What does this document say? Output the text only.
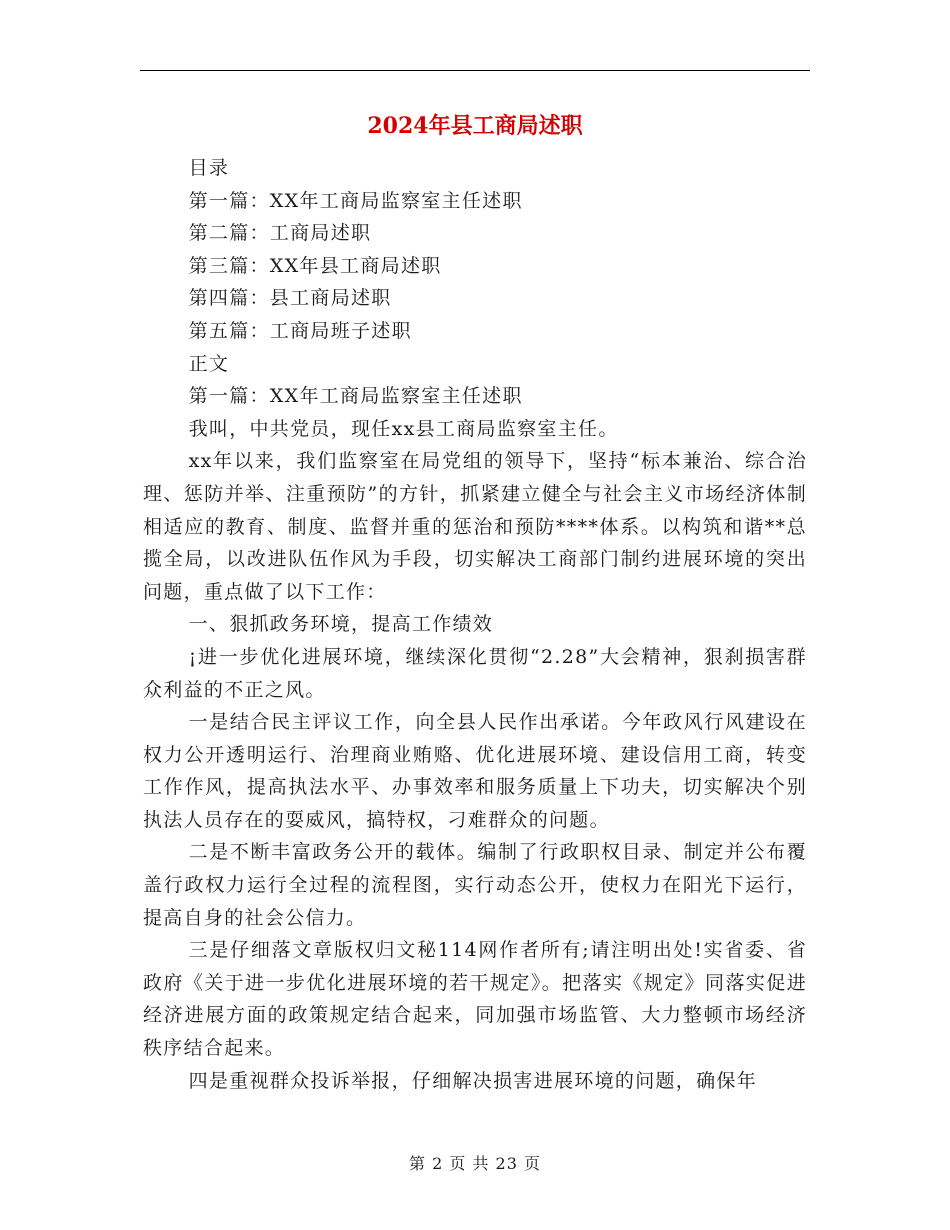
2024年县工商局述职

目录

第一篇：XX年工商局监察室主任述职

第二篇：工商局述职

第三篇：XX年县工商局述职

第四篇：县工商局述职

第五篇：工商局班子述职

正文

第一篇：XX年工商局监察室主任述职

我叫，中共党员，现任xx县工商局监察室主任。

xx年以来，我们监察室在局党组的领导下，坚持“标本兼治、综合治理、惩防并举、注重预防”的方针，抓紧建立健全与社会主义市场经济体制相适应的教育、制度、监督并重的惩治和预防****体系。以构筑和谐**总揽全局，以改进队伍作风为手段，切实解决工商部门制约进展环境的突出问题，重点做了以下工作：

一、狠抓政务环境，提高工作绩效

¡进一步优化进展环境，继续深化贯彻“2.28”大会精神，狠刹损害群众利益的不正之风。

一是结合民主评议工作，向全县人民作出承诺。今年政风行风建设在权力公开透明运行、治理商业贿赂、优化进展环境、建设信用工商，转变工作作风，提高执法水平、办事效率和服务质量上下功夫，切实解决个别执法人员存在的耍威风，搞特权，刁难群众的问题。

二是不断丰富政务公开的载体。编制了行政职权目录、制定并公布覆盖行政权力运行全过程的流程图，实行动态公开，使权力在阳光下运行，提高自身的社会公信力。

三是仔细落文章版权归文秘114网作者所有;请注明出处!实省委、省政府《关于进一步优化进展环境的若干规定》。把落实《规定》同落实促进经济进展方面的政策规定结合起来，同加强市场监管、大力整顿市场经济秩序结合起来。

四是重视群众投诉举报，仔细解决损害进展环境的问题，确保年

第 2 页 共 23 页
